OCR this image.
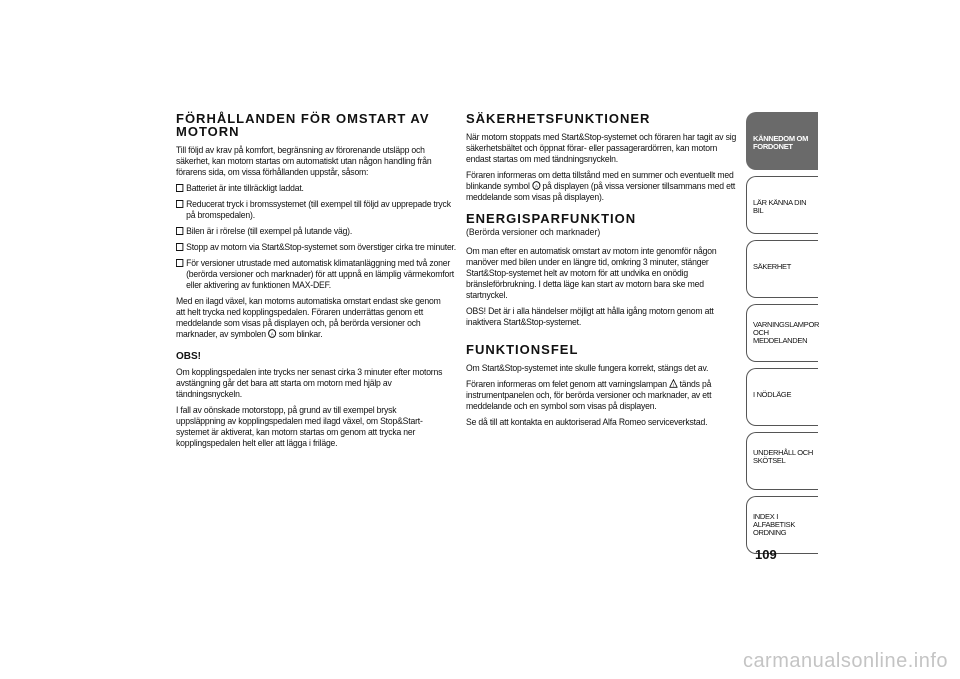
FÖRHÅLLANDEN FÖR OMSTART AV MOTORN

Till följd av krav på komfort, begränsning av förorenande utsläpp och säkerhet, kan motorn startas om automatiskt utan någon handling från förarens sida, om vissa förhållanden uppstår, såsom:

Batteriet är inte tillräckligt laddat.
Reducerat tryck i bromssystemet (till exempel till följd av upprepade tryck på bromspedalen).
Bilen är i rörelse (till exempel på lutande väg).
Stopp av motorn via Start&Stop-systemet som överstiger cirka tre minuter.
För versioner utrustade med automatisk klimatanläggning med två zoner (berörda versioner och marknader) för att uppnå en lämplig värmekomfort eller aktivering av funktionen MAX-DEF.

Med en ilagd växel, kan motorns automatiska omstart endast ske genom att helt trycka ned kopplingspedalen. Föraren underrättas genom ett meddelande som visas på displayen och, på berörda versioner och marknader, av symbolen A som blinkar.

OBS!

Om kopplingspedalen inte trycks ner senast cirka 3 minuter efter motorns avstängning går det bara att starta om motorn med hjälp av tändningsnyckeln.

I fall av oönskade motorstopp, på grund av till exempel brysk uppsläppning av kopplingspedalen med ilagd växel, om Stop&Start-systemet är aktiverat, kan motorn startas om genom att trycka ner kopplingspedalen helt eller att lägga i friläge.

SÄKERHETSFUNKTIONER

När motorn stoppats med Start&Stop-systemet och föraren har tagit av sig säkerhetsbältet och öppnat förar- eller passagerardörren, kan motorn endast startas om med tändningsnyckeln.

Föraren informeras om detta tillstånd med en summer och eventuellt med blinkande symbol A på displayen (på vissa versioner tillsammans med ett meddelande som visas på displayen).

ENERGISPARFUNKTION
(Berörda versioner och marknader)

Om man efter en automatisk omstart av motorn inte genomför någon manöver med bilen under en längre tid, omkring 3 minuter, stänger Start&Stop-systemet helt av motorn för att undvika en onödig bränsleförbrukning. I detta läge kan start av motorn bara ske med startnyckel.

OBS! Det är i alla händelser möjligt att hålla igång motorn genom att inaktivera Start&Stop-systemet.

FUNKTIONSFEL

Om Start&Stop-systemet inte skulle fungera korrekt, stängs det av.

Föraren informeras om felet genom att varningslampan ! tänds på instrumentpanelen och, för berörda versioner och marknader, av ett meddelande och en symbol som visas på displayen.

Se då till att kontakta en auktoriserad Alfa Romeo serviceverkstad.

KÄNNEDOM OM FORDONET
LÄR KÄNNA DIN BIL
SÄKERHET
VARNINGSLAMPOR OCH MEDDELANDEN
I NÖDLÄGE
UNDERHÅLL OCH SKÖTSEL
INDEX I ALFABETISK ORDNING
109
carmanualsonline.info
